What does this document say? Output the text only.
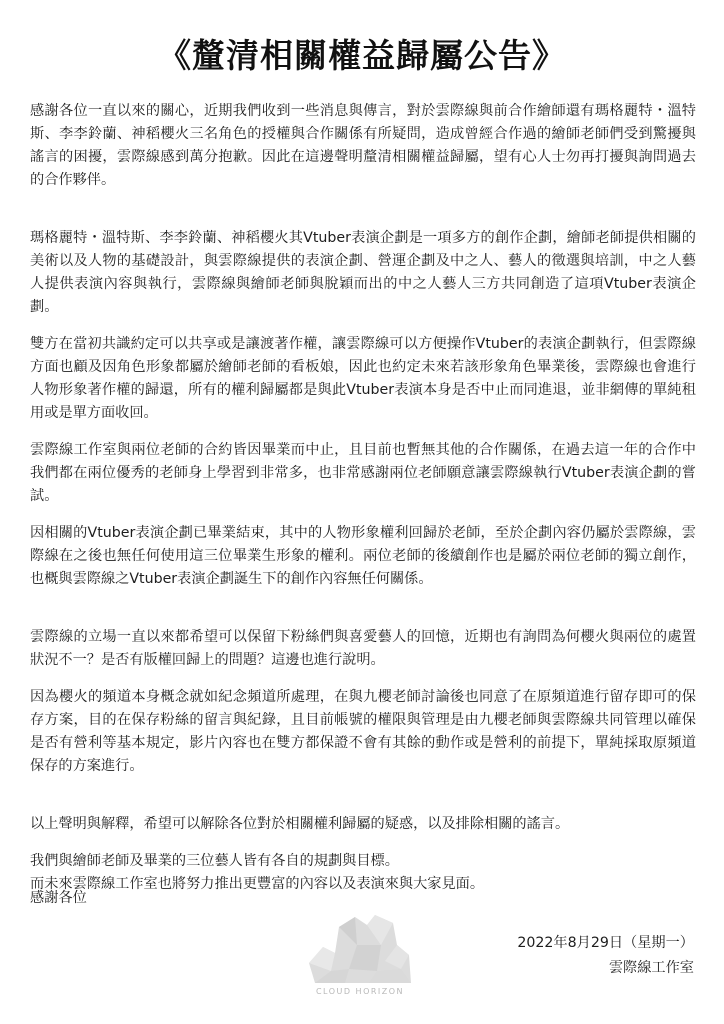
《釐清相關權益歸屬公告》

感謝各位一直以來的關心，近期我們收到一些消息與傳言，對於雲際線與前合作繪師還有瑪格麗特・溫特斯、李李鈴蘭、神稻櫻火三名角色的授權與合作關係有所疑問，造成曾經合作過的繪師老師們受到驚擾與謠言的困擾，雲際線感到萬分抱歉。因此在這邊聲明釐清相關權益歸屬，望有心人士勿再打擾與詢問過去的合作夥伴。

瑪格麗特・溫特斯、李李鈴蘭、神稻櫻火其Vtuber表演企劃是一項多方的創作企劃，繪師老師提供相關的美術以及人物的基礎設計，與雲際線提供的表演企劃、營運企劃及中之人、藝人的徵選與培訓，中之人藝人提供表演內容與執行，雲際線與繪師老師與脫穎而出的中之人藝人三方共同創造了這項Vtuber表演企劃。

雙方在當初共識約定可以共享或是讓渡著作權，讓雲際線可以方便操作Vtuber的表演企劃執行，但雲際線方面也顧及因角色形象都屬於繪師老師的看板娘，因此也約定未來若該形象角色畢業後，雲際線也會進行人物形象著作權的歸還，所有的權利歸屬都是與此Vtuber表演本身是否中止而同進退，並非網傳的單純租用或是單方面收回。

雲際線工作室與兩位老師的合約皆因畢業而中止，且目前也暫無其他的合作關係，在過去這一年的合作中我們都在兩位優秀的老師身上學習到非常多，也非常感謝兩位老師願意讓雲際線執行Vtuber表演企劃的嘗試。

因相關的Vtuber表演企劃已畢業結束，其中的人物形象權利回歸於老師，至於企劃內容仍屬於雲際線，雲際線在之後也無任何使用這三位畢業生形象的權利。兩位老師的後續創作也是屬於兩位老師的獨立創作，也概與雲際線之Vtuber表演企劃誕生下的創作內容無任何關係。

雲際線的立場一直以來都希望可以保留下粉絲們與喜愛藝人的回憶，近期也有詢問為何櫻火與兩位的處置狀況不一？是否有版權回歸上的問題？這邊也進行說明。

因為櫻火的頻道本身概念就如紀念頻道所處理，在與九櫻老師討論後也同意了在原頻道進行留存即可的保存方案，目的在保存粉絲的留言與紀錄，且目前帳號的權限與管理是由九櫻老師與雲際線共同管理以確保是否有營利等基本規定，影片內容也在雙方都保證不會有其餘的動作或是營利的前提下，單純採取原頻道保存的方案進行。

以上聲明與解釋，希望可以解除各位對於相關權利歸屬的疑惑，以及排除相關的謠言。

我們與繪師老師及畢業的三位藝人皆有各自的規劃與目標。
而未來雲際線工作室也將努力推出更豐富的內容以及表演來與大家見面。

感謝各位
CLOUD HORIZON
2022年8月29日（星期一）
雲際線工作室
